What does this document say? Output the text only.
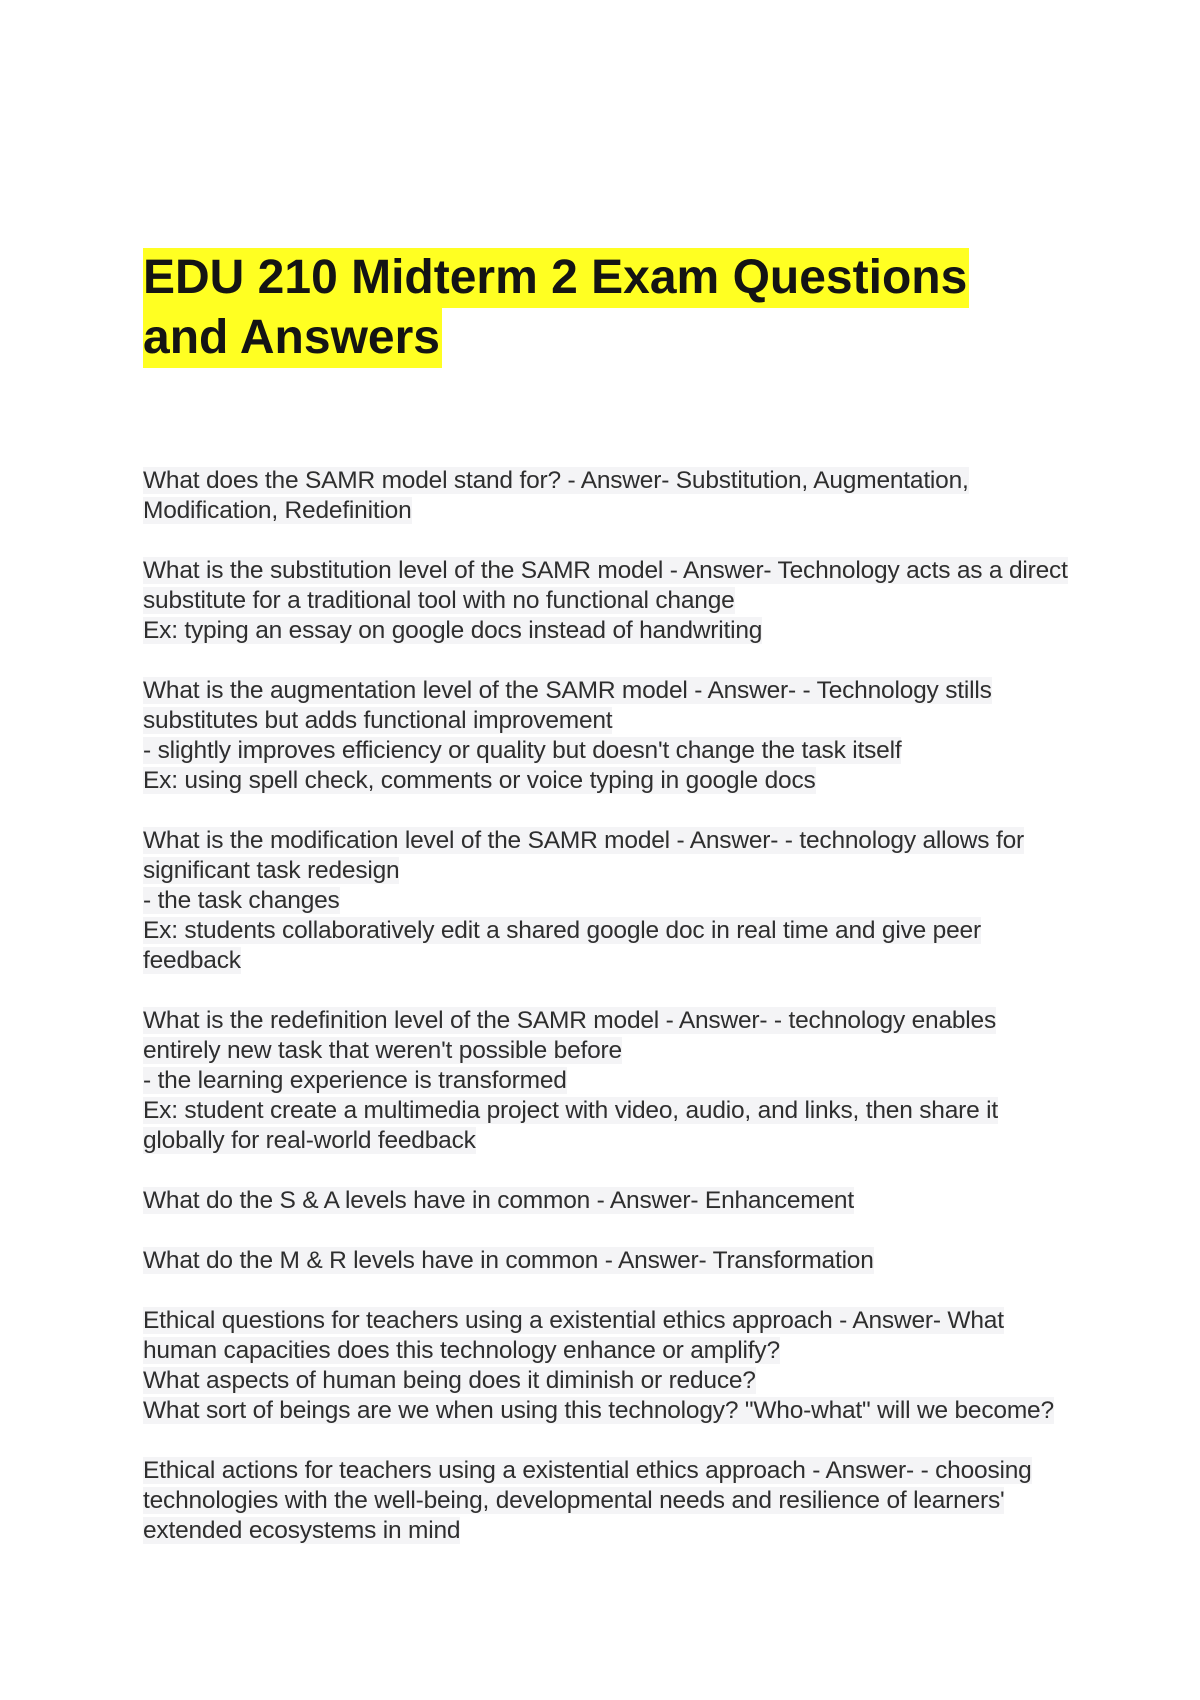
EDU 210 Midterm 2 Exam Questions
and Answers
What does the SAMR model stand for? - Answer- Substitution, Augmentation,
Modification, Redefinition
What is the substitution level of the SAMR model - Answer- Technology acts as a direct
substitute for a traditional tool with no functional change
Ex: typing an essay on google docs instead of handwriting
What is the augmentation level of the SAMR model - Answer- - Technology stills
substitutes but adds functional improvement
- slightly improves efficiency or quality but doesn't change the task itself
Ex: using spell check, comments or voice typing in google docs
What is the modification level of the SAMR model - Answer- - technology allows for
significant task redesign
- the task changes
Ex: students collaboratively edit a shared google doc in real time and give peer
feedback
What is the redefinition level of the SAMR model - Answer- - technology enables
entirely new task that weren't possible before
- the learning experience is transformed
Ex: student create a multimedia project with video, audio, and links, then share it
globally for real-world feedback
What do the S & A levels have in common - Answer- Enhancement
What do the M & R levels have in common - Answer- Transformation
Ethical questions for teachers using a existential ethics approach - Answer- What
human capacities does this technology enhance or amplify?
What aspects of human being does it diminish or reduce?
What sort of beings are we when using this technology? "Who-what" will we become?
Ethical actions for teachers using a existential ethics approach - Answer- - choosing
technologies with the well-being, developmental needs and resilience of learners'
extended ecosystems in mind
